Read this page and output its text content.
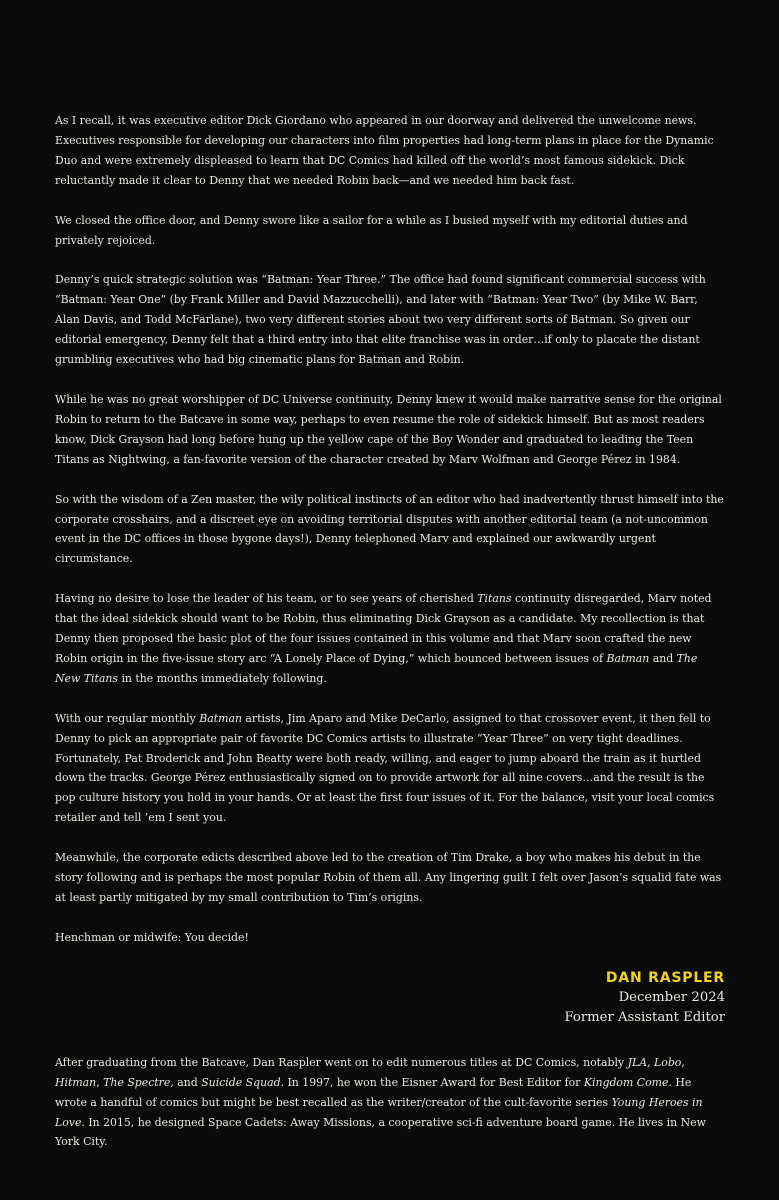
As I recall, it was executive editor Dick Giordano who appeared in our doorway and delivered the unwelcome news. Executives responsible for developing our characters into film properties had long-term plans in place for the Dynamic Duo and were extremely displeased to learn that DC Comics had killed off the world’s most famous sidekick. Dick reluctantly made it clear to Denny that we needed Robin back—and we needed him back fast.

We closed the office door, and Denny swore like a sailor for a while as I busied myself with my editorial duties and privately rejoiced.

Denny’s quick strategic solution was “Batman: Year Three.” The office had found significant commercial success with “Batman: Year One” (by Frank Miller and David Mazzucchelli), and later with “Batman: Year Two” (by Mike W. Barr, Alan Davis, and Todd McFarlane), two very different stories about two very different sorts of Batman. So given our editorial emergency, Denny felt that a third entry into that elite franchise was in order…if only to placate the distant grumbling executives who had big cinematic plans for Batman and Robin.

While he was no great worshipper of DC Universe continuity, Denny knew it would make narrative sense for the original Robin to return to the Batcave in some way, perhaps to even resume the role of sidekick himself. But as most readers know, Dick Grayson had long before hung up the yellow cape of the Boy Wonder and graduated to leading the Teen Titans as Nightwing, a fan-favorite version of the character created by Marv Wolfman and George Pérez in 1984.

So with the wisdom of a Zen master, the wily political instincts of an editor who had inadvertently thrust himself into the corporate crosshairs, and a discreet eye on avoiding territorial disputes with another editorial team (a not-uncommon event in the DC offices in those bygone days!), Denny telephoned Marv and explained our awkwardly urgent circumstance.

Having no desire to lose the leader of his team, or to see years of cherished Titans continuity disregarded, Marv noted that the ideal sidekick should want to be Robin, thus eliminating Dick Grayson as a candidate. My recollection is that Denny then proposed the basic plot of the four issues contained in this volume and that Marv soon crafted the new Robin origin in the five-issue story arc “A Lonely Place of Dying,” which bounced between issues of Batman and The New Titans in the months immediately following.

With our regular monthly Batman artists, Jim Aparo and Mike DeCarlo, assigned to that crossover event, it then fell to Denny to pick an appropriate pair of favorite DC Comics artists to illustrate “Year Three” on very tight deadlines. Fortunately, Pat Broderick and John Beatty were both ready, willing, and eager to jump aboard the train as it hurtled down the tracks. George Pérez enthusiastically signed on to provide artwork for all nine covers…and the result is the pop culture history you hold in your hands. Or at least the first four issues of it. For the balance, visit your local comics retailer and tell ’em I sent you.

Meanwhile, the corporate edicts described above led to the creation of Tim Drake, a boy who makes his debut in the story following and is perhaps the most popular Robin of them all. Any lingering guilt I felt over Jason’s squalid fate was at least partly mitigated by my small contribution to Tim’s origins.

Henchman or midwife: You decide!

DAN RASPLER
December 2024
Former Assistant Editor

After graduating from the Batcave, Dan Raspler went on to edit numerous titles at DC Comics, notably JLA, Lobo, Hitman, The Spectre, and Suicide Squad. In 1997, he won the Eisner Award for Best Editor for Kingdom Come. He wrote a handful of comics but might be best recalled as the writer/creator of the cult-favorite series Young Heroes in Love. In 2015, he designed Space Cadets: Away Missions, a cooperative sci-fi adventure board game. He lives in New York City.
